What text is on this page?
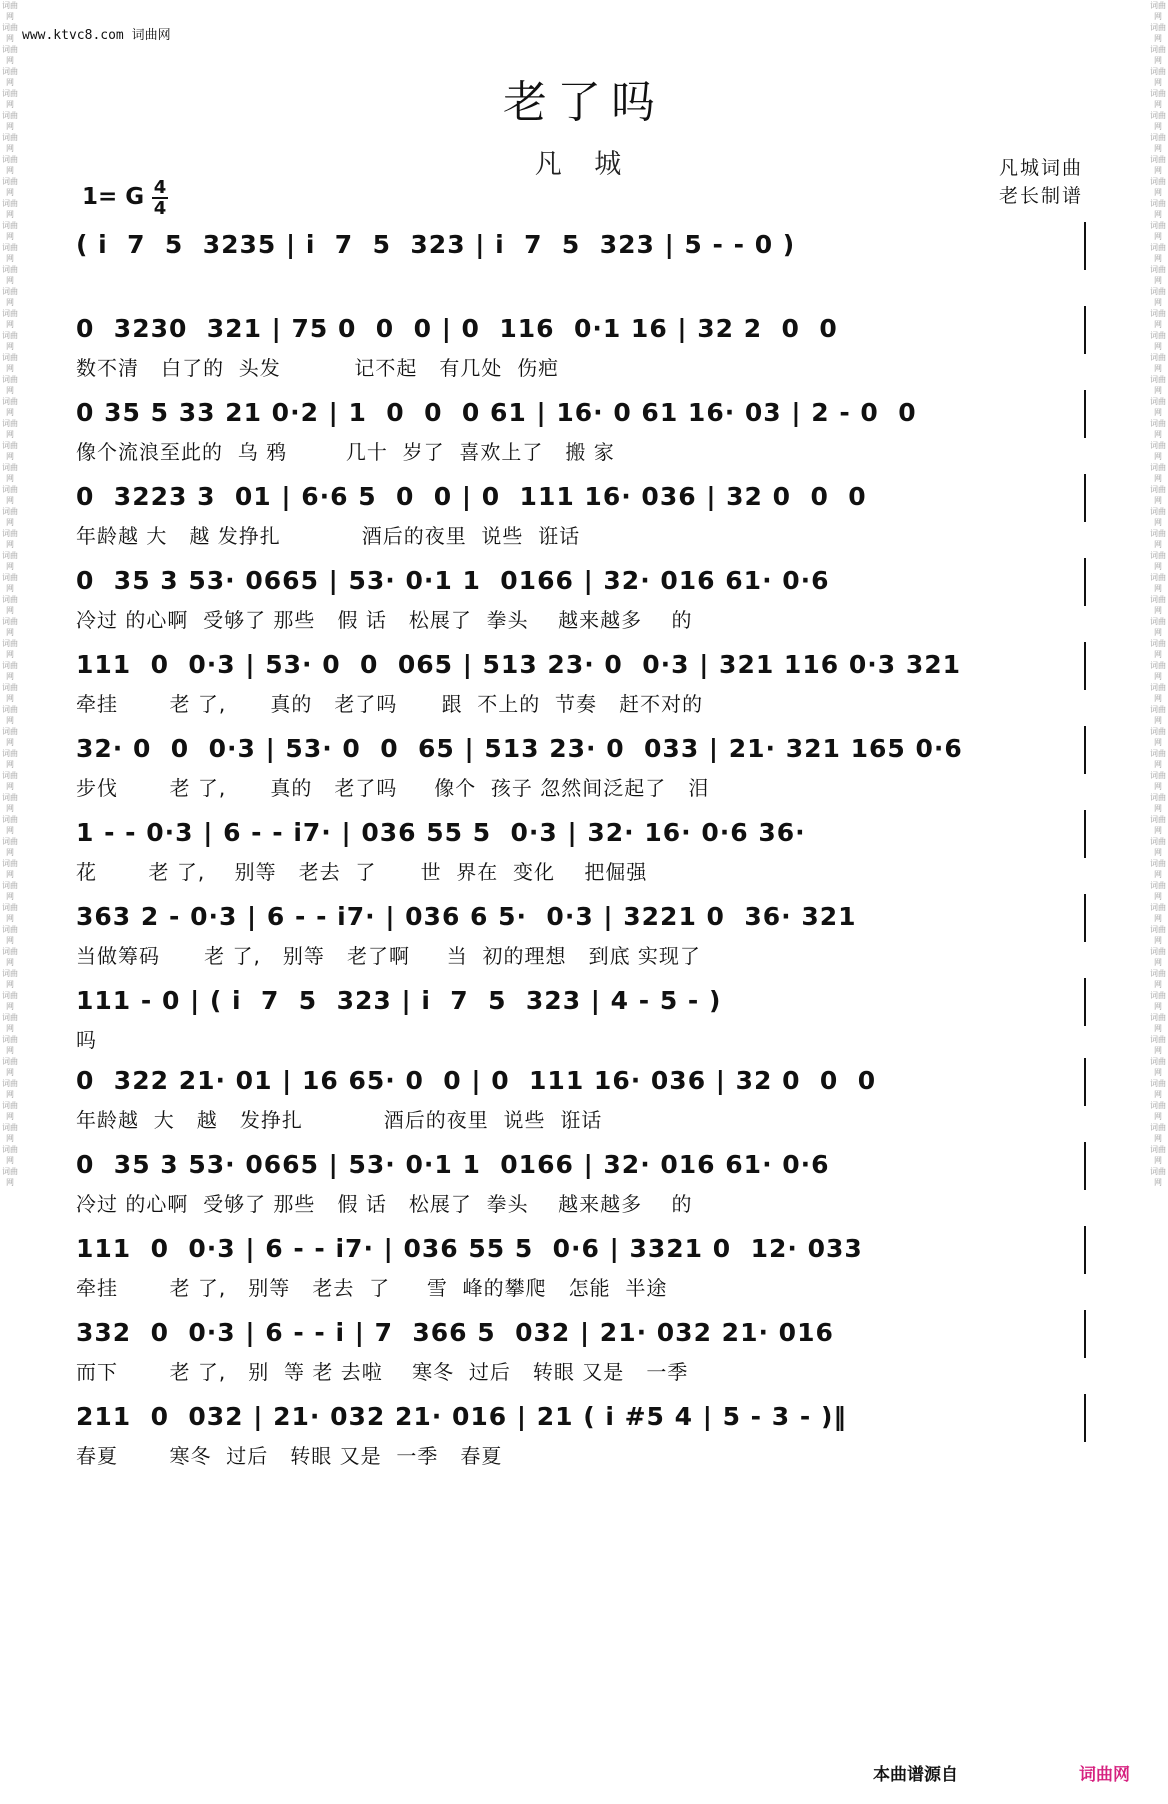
www.ktvc8.com 词曲网
词曲网
词曲网
词曲网
词曲网
词曲网
词曲网
词曲网
词曲网
词曲网
词曲网
词曲网
词曲网
词曲网
词曲网
词曲网
词曲网
词曲网
词曲网
词曲网
词曲网
词曲网
词曲网
词曲网
词曲网
词曲网
词曲网
词曲网
词曲网
词曲网
词曲网
词曲网
词曲网
词曲网
词曲网
词曲网
词曲网
词曲网
词曲网
词曲网
词曲网
词曲网
词曲网
词曲网
词曲网
词曲网
词曲网
词曲网
词曲网
词曲网
词曲网
词曲网
词曲网
词曲网
词曲网

词曲网
词曲网
词曲网
词曲网
词曲网
词曲网
词曲网
词曲网
词曲网
词曲网
词曲网
词曲网
词曲网
词曲网
词曲网
词曲网
词曲网
词曲网
词曲网
词曲网
词曲网
词曲网
词曲网
词曲网
词曲网
词曲网
词曲网
词曲网
词曲网
词曲网
词曲网
词曲网
词曲网
词曲网
词曲网
词曲网
词曲网
词曲网
词曲网
词曲网
词曲网
词曲网
词曲网
词曲网
词曲网
词曲网
词曲网
词曲网
词曲网
词曲网
词曲网
词曲网
词曲网
词曲网

老了吗
凡 城	凡城词曲
老长制谱
1= G 4
4
( i  7  5  3235 | i  7  5  323 | i  7  5  323 | 5 - - 0 )
0  3230  321 | 75 0  0  0 | 0  116  0·1 16 | 32 2  0  0
数不清   白了的  头发          记不起   有几处  伤疤
0 35 5 33 21 0·2 | 1  0  0  0 61 | 16· 0 61 16· 03 | 2 - 0  0
像个流浪至此的  乌 鸦        几十  岁了  喜欢上了   搬 家
0  3223 3  01 | 6·6 5  0  0 | 0  111 16· 036 | 32 0  0  0
年龄越 大   越 发挣扎           酒后的夜里  说些  诳话
0  35 3 53· 0665 | 53· 0·1 1  0166 | 32· 016 61· 0·6
冷过 的心啊  受够了 那些   假 话   松展了  拳头    越来越多    的
111  0  0·3 | 53· 0  0  065 | 513 23· 0  0·3 | 321 116 0·3 321
牵挂       老 了,      真的   老了吗      跟  不上的  节奏   赶不对的
32· 0  0  0·3 | 53· 0  0  65 | 513 23· 0  033 | 21· 321 165 0·6
步伐       老 了,      真的   老了吗     像个  孩子 忽然间泛起了   泪
1 - - 0·3 | 6 - - i7· | 036 55 5  0·3 | 32· 16· 0·6 36·
花       老 了,    别等   老去  了      世  界在  变化    把倔强
363 2 - 0·3 | 6 - - i7· | 036 6 5·  0·3 | 3221 0  36· 321
当做筹码      老 了,   别等   老了啊     当  初的理想   到底 实现了
111 - 0 | ( i  7  5  323 | i  7  5  323 | 4 - 5 - )
吗
0  322 21· 01 | 16 65· 0  0 | 0  111 16· 036 | 32 0  0  0
年龄越  大   越   发挣扎           酒后的夜里  说些  诳话
0  35 3 53· 0665 | 53· 0·1 1  0166 | 32· 016 61· 0·6
冷过 的心啊  受够了 那些   假 话   松展了  拳头    越来越多    的
111  0  0·3 | 6 - - i7· | 036 55 5  0·6 | 3321 0  12· 033
牵挂       老 了,   别等   老去  了     雪  峰的攀爬   怎能  半途
332  0  0·3 | 6 - - i | 7  366 5  032 | 21· 032 21· 016
而下       老 了,   别  等 老 去啦    寒冬  过后   转眼 又是   一季
211  0  032 | 21· 032 21· 016 | 21 ( i #5 4 | 5 - 3 - )‖
春夏       寒冬  过后   转眼 又是  一季   春夏
本曲谱源自	词曲网
